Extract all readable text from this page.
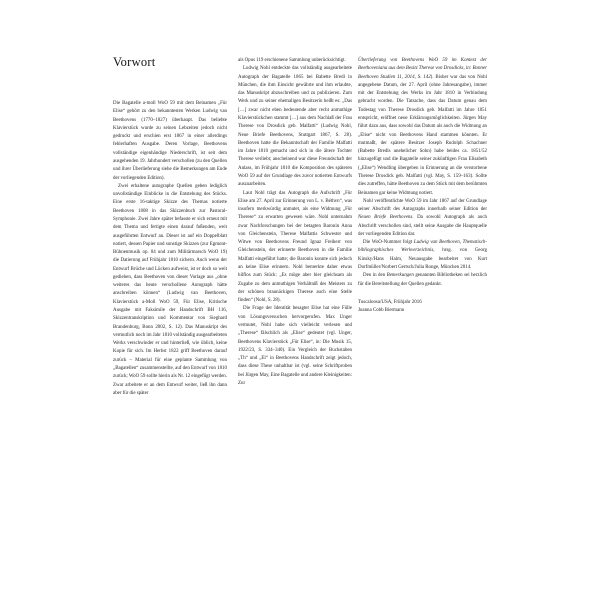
Vorwort

Die Bagatelle a-moll WoO 59 mit dem Beinamen „Für Elise“ gehört zu den bekanntesten Werken Ludwig van Beethovens (1770–1827) überhaupt. Das beliebte Klavierstück wurde zu seinen Lebzeiten jedoch nicht gedruckt und erschien erst 1867 in einer allerdings fehlerhaften Ausgabe. Deren Vorlage, Beethovens vollständige eigenhändige Niederschrift, ist seit dem ausgehenden 19. Jahrhundert verschollen (zu den Quellen und ihrer Überlieferung siehe die Bemerkungen am Ende der vorliegenden Edition).

Zwei erhaltene autographe Quellen geben lediglich unvollständige Einblicke in die Entstehung des Stücks. Eine erste 16-taktige Skizze des Themas notierte Beethoven 1808 in das Skizzenbuch zur Pastoral-Symphonie. Zwei Jahre später befasste er sich erneut mit dem Thema und fertigte einen darauf fußenden, weit ausgeführten Entwurf an. Dieser ist auf ein Doppelblatt notiert, dessen Papier und sonstige Skizzen (zur Egmont-Bühnenmusik op. 84 und zum Militärmarsch WoO 19) die Datierung auf Frühjahr 1810 sichern. Auch wenn der Entwurf Brüche und Lücken aufweist, ist er doch so weit gediehen, dass Beethoven von dieser Vorlage aus „ohne weiteres das heute verschollene Autograph hätte anschreiben können“ (Ludwig van Beethoven, Klavierstück a-Moll WoO 59, Für Elise, Kritische Ausgabe mit Faksimile der Handschrift BH 116, Skizzentranskription und Kommentar von Sieghard Brandenburg, Bonn 2002, S. 12). Das Manuskript des vermutlich noch im Jahr 1810 vollständig ausgearbeiteten Werks verschwinder er und hinterließ, wie üblich, keine Kopie für sich. Im Herbst 1822 griff Beethoven darauf zurück – Material für eine geplante Sammlung von „Bagatellen“ zusammenstellte, auf den Entwurf von 1810 zurück; WoO 59 sollte hierin als Nr. 12 eingefügt werden. Zwar arbeitete er an dem Entwurf weiter, ließ ihn dann aber für die später

als Opus 119 erschienene Sammlung unberücksichtigt.

Ludwig Nohl entdeckte das vollständig ausgearbeitete Autograph der Bagatelle 1865 bei Babette Bredl in München, die ihm Einsicht gewährte und ihm erlaubte, das Manuskript abzuschreiben und zu publizieren. Zum Werk und zu seiner ehemaligen Besitzerin heißt es: „Das […] zwar nicht eben bedeutende aber recht anmuthige Klavierstückchen stammt […] aus dem Nachlaß der Frau Therese von Drosdick geb. Malfatti“ (Ludwig Nohl, Neue Briefe Beethovens, Stuttgart 1867, S. 28). Beethoven hatte die Bekanntschaft der Familie Malfatti im Jahre 1810 gemacht und sich in die ältere Tochter Therese verliebt; anscheinend war diese Freundschaft der Anlass, im Frühjahr 1810 die Komposition des späteren WoO 59 auf der Grundlage des zuvor notierten Entwurfs auszuarbeiten.

Laut Nohl trägt das Autograph die Aufschrift „Für Elise am 27. April zur Erinnerung von L. v. Béthvn“, was insofern merkwürdig anmutet, als eine Widmung „Für Therese“ zu erwarten gewesen wäre. Nohl unternahm zwar Nachforschungen bei der betagten Baronin Anna von Gleichenstein, Therese Malfattis Schwester und Witwe von Beethovens Freund Ignaz Freiherr von Gleichenstein, der erinnerte Beethoven in die Familie Malfatti eingeführt hatte; die Baronin konnte sich jedoch an keine Elise erinnern. Nohl bemerkte daher etwas hilflos zum Stück: „Es möge aber hier gleichsam als Zugabe zu dem anmuthigen Verhältniß des Meisters zu der schönen braunäckigen Therese auch eine Stelle finden“ (Nohl, S. 28).

Die Frage der Identität besagter Elise hat eine Fülle von Lösungsversuchen hervorgerufen. Max Unger vermutet, Nohl habe sich vielleicht verlesen und „Therese“ fälschlich als „Elise“ gedeutet (vgl. Unger, Beethovens Klavierstück „Für Elise“, in: Die Musik 15, 1922/23, S. 334–340). Ein Vergleich der Buchstaben „Th“ und „El“ in Beethovens Handschrift zeigt jedoch, dass diese These unhaltbar ist (vgl. seine Schriftproben bei Jürgen May, Eine Bagatelle und andere Kleinigkeiten: Zur

Überlieferung von Beethovens WoO 59 im Kontext der Beethoveniana aus dem Besitz Therese von Drosdicks, in: Bonner Beethoven Studien 11, 2014, S. 142). Bisher war das von Nohl angegebene Datum, der 27. April (ohne Jahresangabe), immer mit der Entstehung des Werks im Jahr 1810 in Verbindung gebracht worden. Die Tatsache, dass das Datum genau dem Todestag von Therese Drosdick geb. Malfatti im Jahre 1851 entspricht, eröffnet neue Erklärungsmöglichkeiten. Jürgen May führt dazu aus, dass sowohl das Datum als auch die Widmung an „Elise“ nicht von Beethovens Hand stammen könnten. Er mutmaßt, der spätere Besitzer Joseph Rudolph Schachner (Babette Bredls unehelicher Sohn) habe beides ca. 1851/52 hinzugefügt und die Bagatelle seiner zukünftigen Frau Elisabeth („Elise“) Wendling übergeben in Erinnerung an die verstorbene Therese Drosdick geb. Malfatti (vgl. May, S. 159–163). Sollte dies zutreffen, hätte Beethoven zu dem Stück mit dem berühmten Beinamen gar keine Widmung notiert.

Nohl veröffentlichte WoO 59 im Jahr 1867 auf der Grundlage seiner Abschrift des Autographs innerhalb seiner Edition der Neuen Briefe Beethovens. Da sowohl Autograph als auch Abschrift verschollen sind, stellt seine Ausgabe die Hauptquelle der vorliegenden Edition dar.

Die WoO-Nummer folgt Ludwig van Beethoven, Thematisch-bibliographisches Werkverzeichnis, hrsg. von Georg Kinsky/Hans Halm, Neuausgabe bearbeitet von Kurt Dorfmüller/Norbert Gertsch/Julia Ronge, München 2014.

Den in den Bemerkungen genannten Bibliotheken sei herzlich für die Bereitstellung der Quellen gedankt.

Tuscaloosa/USA, Frühjahr 2016
Joanna Cobb Biermann
